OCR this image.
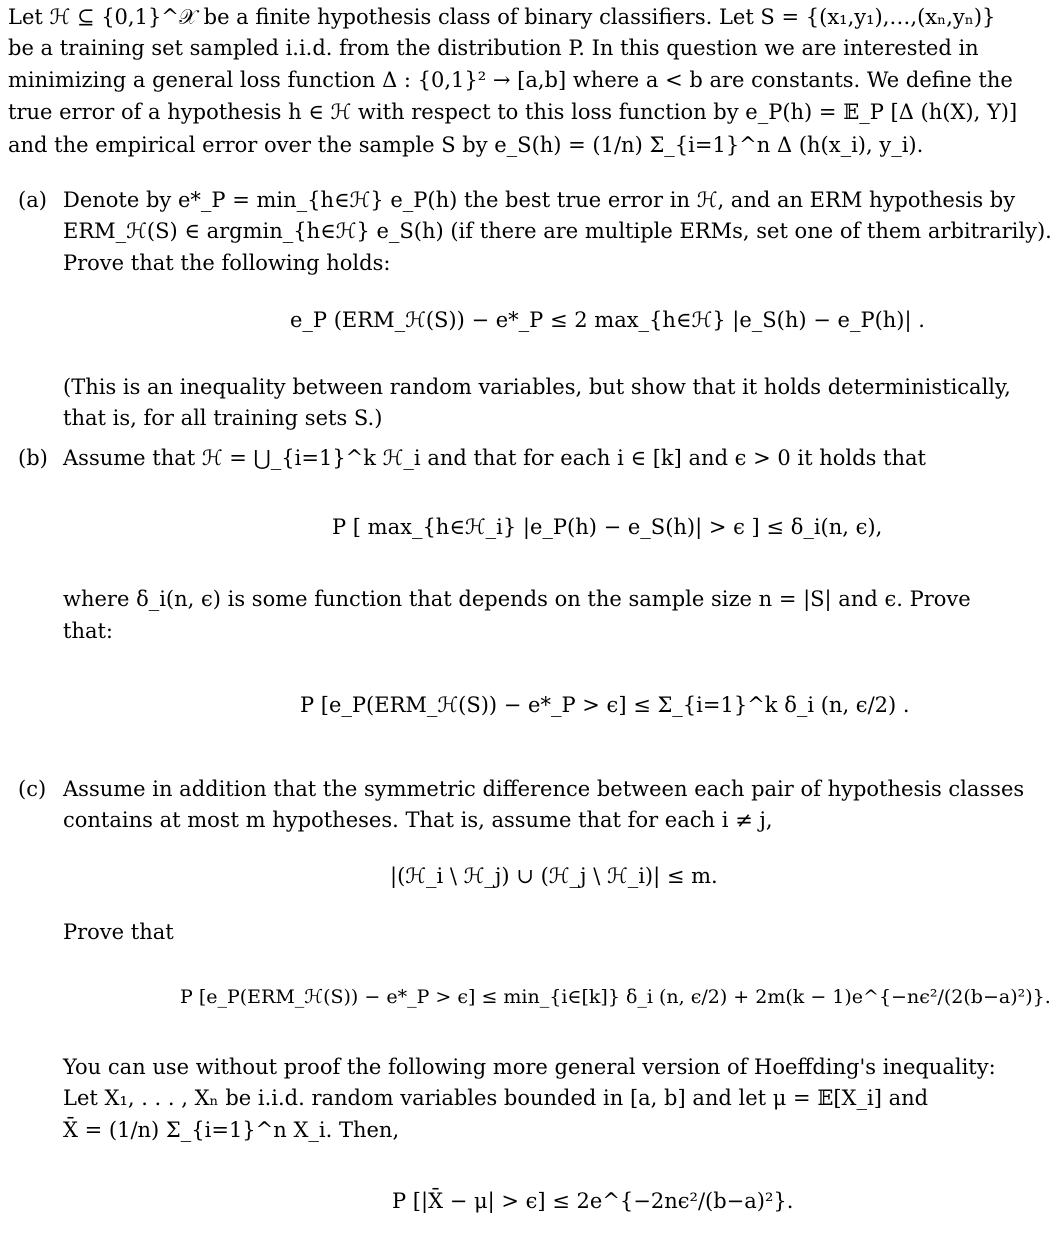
Let ℋ ⊆ {0,1}^𝒳 be a finite hypothesis class of binary classifiers. Let S = {(x₁,y₁),…,(xₙ,yₙ)}
be a training set sampled i.i.d. from the distribution P. In this question we are interested in
minimizing a general loss function Δ : {0,1}² → [a,b] where a < b are constants. We define the
true error of a hypothesis h ∈ ℋ with respect to this loss function by e_P(h) = 𝔼_P [Δ (h(X), Y)]
and the empirical error over the sample S by e_S(h) = (1/n) Σ_{i=1}^n Δ (h(x_i), y_i).
(a) Denote by e*_P = min_{h∈ℋ} e_P(h) the best true error in ℋ, and an ERM hypothesis by
ERM_ℋ(S) ∈ argmin_{h∈ℋ} e_S(h) (if there are multiple ERMs, set one of them arbitrarily).
Prove that the following holds:
e_P (ERM_ℋ(S)) − e*_P ≤ 2 max_{h∈ℋ} |e_S(h) − e_P(h)| .
(This is an inequality between random variables, but show that it holds deterministically,
that is, for all training sets S.)
(b) Assume that ℋ = ⋃_{i=1}^k ℋ_i and that for each i ∈ [k] and ϵ > 0 it holds that
P [ max_{h∈ℋ_i} |e_P(h) − e_S(h)| > ϵ ] ≤ δ_i(n, ϵ),
where δ_i(n, ϵ) is some function that depends on the sample size n = |S| and ϵ. Prove
that:
P [e_P(ERM_ℋ(S)) − e*_P > ϵ] ≤ Σ_{i=1}^k δ_i (n, ϵ/2) .
(c) Assume in addition that the symmetric difference between each pair of hypothesis classes
contains at most m hypotheses. That is, assume that for each i ≠ j,
|(ℋ_i \ ℋ_j) ∪ (ℋ_j \ ℋ_i)| ≤ m.
Prove that
P [e_P(ERM_ℋ(S)) − e*_P > ϵ] ≤ min_{i∈[k]} δ_i (n, ϵ/2) + 2m(k − 1)e^{−nϵ²/(2(b−a)²)}.
You can use without proof the following more general version of Hoeffding's inequality:
Let X₁, . . . , Xₙ be i.i.d. random variables bounded in [a, b] and let μ = 𝔼[X_i] and
X̄ = (1/n) Σ_{i=1}^n X_i. Then,
P [|X̄ − μ| > ϵ] ≤ 2e^{−2nϵ²/(b−a)²}.
